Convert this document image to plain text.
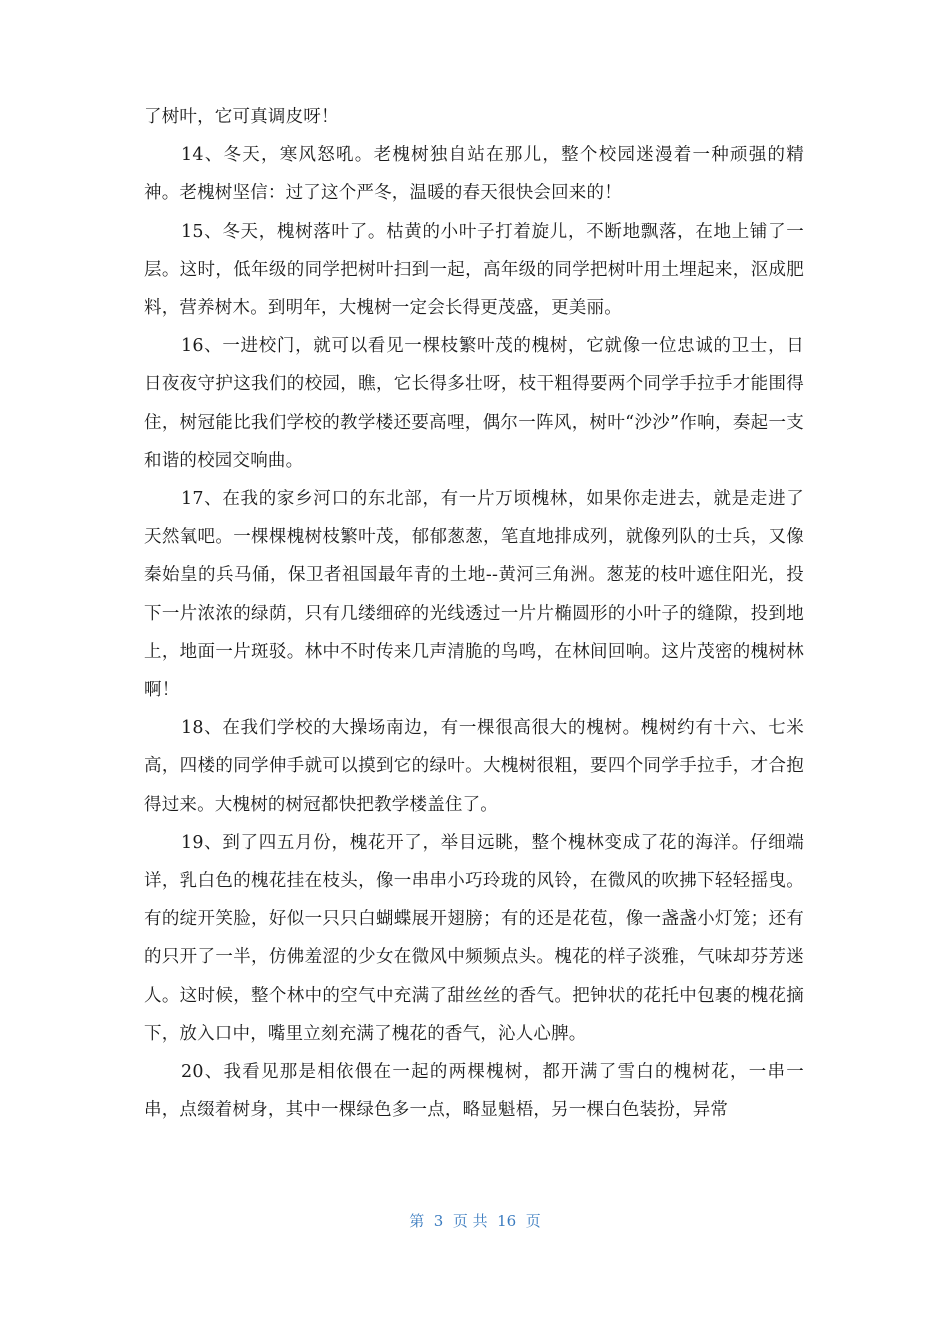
了树叶，它可真调皮呀！

14、冬天，寒风怒吼。老槐树独自站在那儿，整个校园迷漫着一种顽强的精神。老槐树坚信：过了这个严冬，温暖的春天很快会回来的！

15、冬天，槐树落叶了。枯黄的小叶子打着旋儿，不断地飘落，在地上铺了一层。这时，低年级的同学把树叶扫到一起，高年级的同学把树叶用土埋起来，沤成肥料，营养树木。到明年，大槐树一定会长得更茂盛，更美丽。

16、一进校门，就可以看见一棵枝繁叶茂的槐树，它就像一位忠诚的卫士，日日夜夜守护这我们的校园，瞧，它长得多壮呀，枝干粗得要两个同学手拉手才能围得住，树冠能比我们学校的教学楼还要高哩，偶尔一阵风，树叶“沙沙”作响，奏起一支和谐的校园交响曲。

17、在我的家乡河口的东北部，有一片万顷槐林，如果你走进去，就是走进了天然氧吧。一棵棵槐树枝繁叶茂，郁郁葱葱，笔直地排成列，就像列队的士兵，又像秦始皇的兵马俑，保卫者祖国最年青的土地--黄河三角洲。葱茏的枝叶遮住阳光，投下一片浓浓的绿荫，只有几缕细碎的光线透过一片片椭圆形的小叶子的缝隙，投到地上，地面一片斑驳。林中不时传来几声清脆的鸟鸣，在林间回响。这片茂密的槐树林啊！

18、在我们学校的大操场南边，有一棵很高很大的槐树。槐树约有十六、七米高，四楼的同学伸手就可以摸到它的绿叶。大槐树很粗，要四个同学手拉手，才合抱得过来。大槐树的树冠都快把教学楼盖住了。

19、到了四五月份，槐花开了，举目远眺，整个槐林变成了花的海洋。仔细端详，乳白色的槐花挂在枝头，像一串串小巧玲珑的风铃，在微风的吹拂下轻轻摇曳。有的绽开笑脸，好似一只只白蝴蝶展开翅膀；有的还是花苞，像一盏盏小灯笼；还有的只开了一半，仿佛羞涩的少女在微风中频频点头。槐花的样子淡雅，气味却芬芳迷人。这时候，整个林中的空气中充满了甜丝丝的香气。把钟状的花托中包裹的槐花摘下，放入口中，嘴里立刻充满了槐花的香气，沁人心脾。

20、我看见那是相依偎在一起的两棵槐树，都开满了雪白的槐树花，一串一串，点缀着树身，其中一棵绿色多一点，略显魁梧，另一棵白色装扮，异常

第  3  页 共  16  页
